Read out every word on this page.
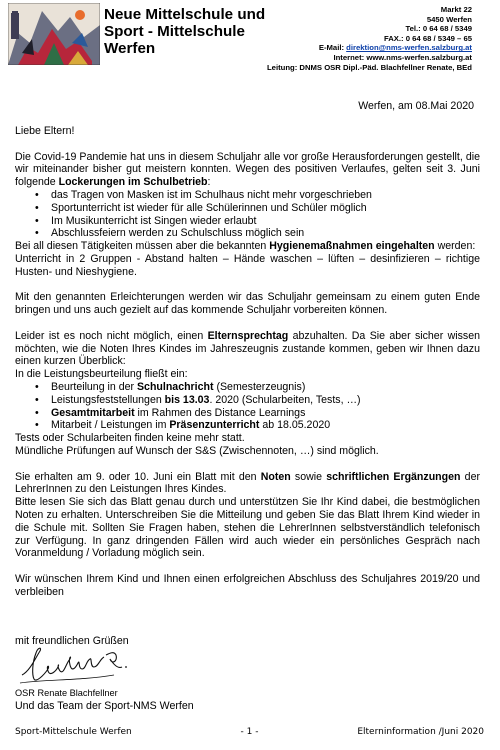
Neue Mittelschule und
Sport - Mittelschule
Werfen
Markt 22
5450 Werfen
Tel.: 0 64 68 / 5349
FAX.: 0 64 68 / 5349 – 65
E-Mail: direktion@nms-werfen.salzburg.at
Internet: www.nms-werfen.salzburg.at
Leitung: DNMS OSR Dipl.-Päd. Blachfellner Renate, BEd
Werfen, am 08.Mai 2020

Liebe Eltern!

Die Covid-19 Pandemie hat uns in diesem Schuljahr alle vor große Herausforderungen gestellt, die wir miteinander bisher gut meistern konnten. Wegen des positiven Verlaufes, gelten seit 3. Juni folgende Lockerungen im Schulbetrieb:

• das Tragen von Masken ist im Schulhaus nicht mehr vorgeschrieben
• Sportunterricht ist wieder für alle Schülerinnen und Schüler möglich
• Im Musikunterricht ist Singen wieder erlaubt
• Abschlussfeiern werden zu Schulschluss möglich sein

Bei all diesen Tätigkeiten müssen aber die bekannten Hygienemaßnahmen eingehalten werden:

Unterricht in 2 Gruppen - Abstand halten – Hände waschen – lüften – desinfizieren – richtige Husten- und Nieshygiene.

Mit den genannten Erleichterungen werden wir das Schuljahr gemeinsam zu einem guten Ende bringen und uns auch gezielt auf das kommende Schuljahr vorbereiten können.

Leider ist es noch nicht möglich, einen Elternsprechtag abzuhalten. Da Sie aber sicher wissen möchten, wie die Noten Ihres Kindes im Jahreszeugnis zustande kommen, geben wir Ihnen dazu einen kurzen Überblick:

In die Leistungsbeurteilung fließt ein:

• Beurteilung in der Schulnachricht (Semesterzeugnis)
• Leistungsfeststellungen bis 13.03. 2020 (Schularbeiten, Tests, …)
• Gesamtmitarbeit im Rahmen des Distance Learnings
• Mitarbeit / Leistungen im Präsenzunterricht ab 18.05.2020

Tests oder Schularbeiten finden keine mehr statt.

Mündliche Prüfungen auf Wunsch der S&S (Zwischennoten, …) sind möglich.

Sie erhalten am 9. oder 10. Juni ein Blatt mit den Noten sowie schriftlichen Ergänzungen der LehrerInnen zu den Leistungen Ihres Kindes.

Bitte lesen Sie sich das Blatt genau durch und unterstützen Sie Ihr Kind dabei, die bestmöglichen Noten zu erhalten. Unterschreiben Sie die Mitteilung und geben Sie das Blatt Ihrem Kind wieder in die Schule mit. Sollten Sie Fragen haben, stehen die LehrerInnen selbstverständlich telefonisch zur Verfügung. In ganz dringenden Fällen wird auch wieder ein persönliches Gespräch nach Voranmeldung / Vorladung möglich sein.

Wir wünschen Ihrem Kind und Ihnen einen erfolgreichen Abschluss des Schuljahres 2019/20 und verbleiben

mit freundlichen Grüßen
OSR Renate Blachfellner
Und das Team der Sport-NMS Werfen
Sport-Mittelschule Werfen	- 1 -	Elterninformation /Juni 2020
